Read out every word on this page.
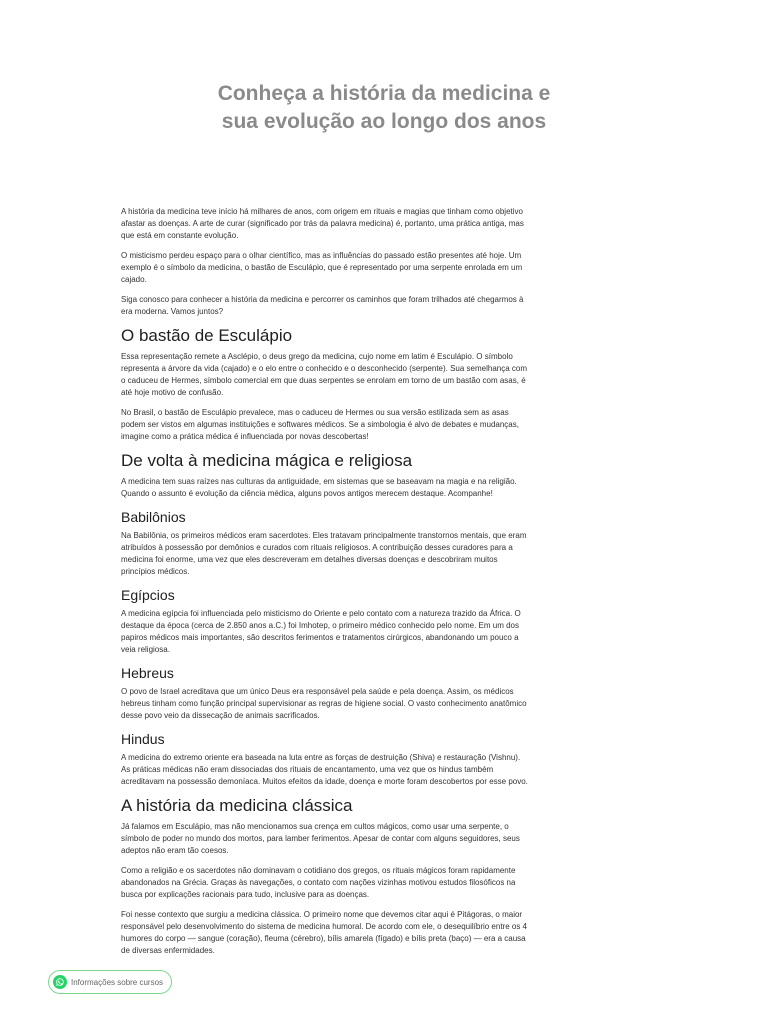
Conheça a história da medicina e
sua evolução ao longo dos anos

A história da medicina teve início há milhares de anos, com origem em rituais e magias que tinham como objetivo afastar as doenças. A arte de curar (significado por trás da palavra medicina) é, portanto, uma prática antiga, mas que está em constante evolução.

O misticismo perdeu espaço para o olhar científico, mas as influências do passado estão presentes até hoje. Um exemplo é o símbolo da medicina, o bastão de Esculápio, que é representado por uma serpente enrolada em um cajado.

Siga conosco para conhecer a história da medicina e percorrer os caminhos que foram trilhados até chegarmos à era moderna. Vamos juntos?

O bastão de Esculápio

Essa representação remete a Asclépio, o deus grego da medicina, cujo nome em latim é Esculápio. O símbolo representa a árvore da vida (cajado) e o elo entre o conhecido e o desconhecido (serpente). Sua semelhança com o caduceu de Hermes, símbolo comercial em que duas serpentes se enrolam em torno de um bastão com asas, é até hoje motivo de confusão.

No Brasil, o bastão de Esculápio prevalece, mas o caduceu de Hermes ou sua versão estilizada sem as asas podem ser vistos em algumas instituições e softwares médicos. Se a simbologia é alvo de debates e mudanças, imagine como a prática médica é influenciada por novas descobertas!

De volta à medicina mágica e religiosa

A medicina tem suas raízes nas culturas da antiguidade, em sistemas que se baseavam na magia e na religião. Quando o assunto é evolução da ciência médica, alguns povos antigos merecem destaque. Acompanhe!

Babilônios

Na Babilônia, os primeiros médicos eram sacerdotes. Eles tratavam principalmente transtornos mentais, que eram atribuídos à possessão por demônios e curados com rituais religiosos. A contribuição desses curadores para a medicina foi enorme, uma vez que eles descreveram em detalhes diversas doenças e descobriram muitos princípios médicos.

Egípcios

A medicina egípcia foi influenciada pelo misticismo do Oriente e pelo contato com a natureza trazido da África. O destaque da época (cerca de 2.850 anos a.C.) foi Imhotep, o primeiro médico conhecido pelo nome. Em um dos papiros médicos mais importantes, são descritos ferimentos e tratamentos cirúrgicos, abandonando um pouco a veia religiosa.

Hebreus

O povo de Israel acreditava que um único Deus era responsável pela saúde e pela doença. Assim, os médicos hebreus tinham como função principal supervisionar as regras de higiene social. O vasto conhecimento anatômico desse povo veio da dissecação de animais sacrificados.

Hindus

A medicina do extremo oriente era baseada na luta entre as forças de destruição (Shiva) e restauração (Vishnu). As práticas médicas não eram dissociadas dos rituais de encantamento, uma vez que os hindus também acreditavam na possessão demoníaca. Muitos efeitos da idade, doença e morte foram descobertos por esse povo.

A história da medicina clássica

Já falamos em Esculápio, mas não mencionamos sua crença em cultos mágicos, como usar uma serpente, o símbolo de poder no mundo dos mortos, para lamber ferimentos. Apesar de contar com alguns seguidores, seus adeptos não eram tão coesos.

Como a religião e os sacerdotes não dominavam o cotidiano dos gregos, os rituais mágicos foram rapidamente abandonados na Grécia. Graças às navegações, o contato com nações vizinhas motivou estudos filosóficos na busca por explicações racionais para tudo, inclusive para as doenças.

Foi nesse contexto que surgiu a medicina clássica. O primeiro nome que devemos citar aqui é Pitágoras, o maior responsável pelo desenvolvimento do sistema de medicina humoral. De acordo com ele, o desequilíbrio entre os 4 humores do corpo — sangue (coração), fleuma (cérebro), bílis amarela (fígado) e bílis preta (baço) — era a causa de diversas enfermidades.

Informações sobre cursos
